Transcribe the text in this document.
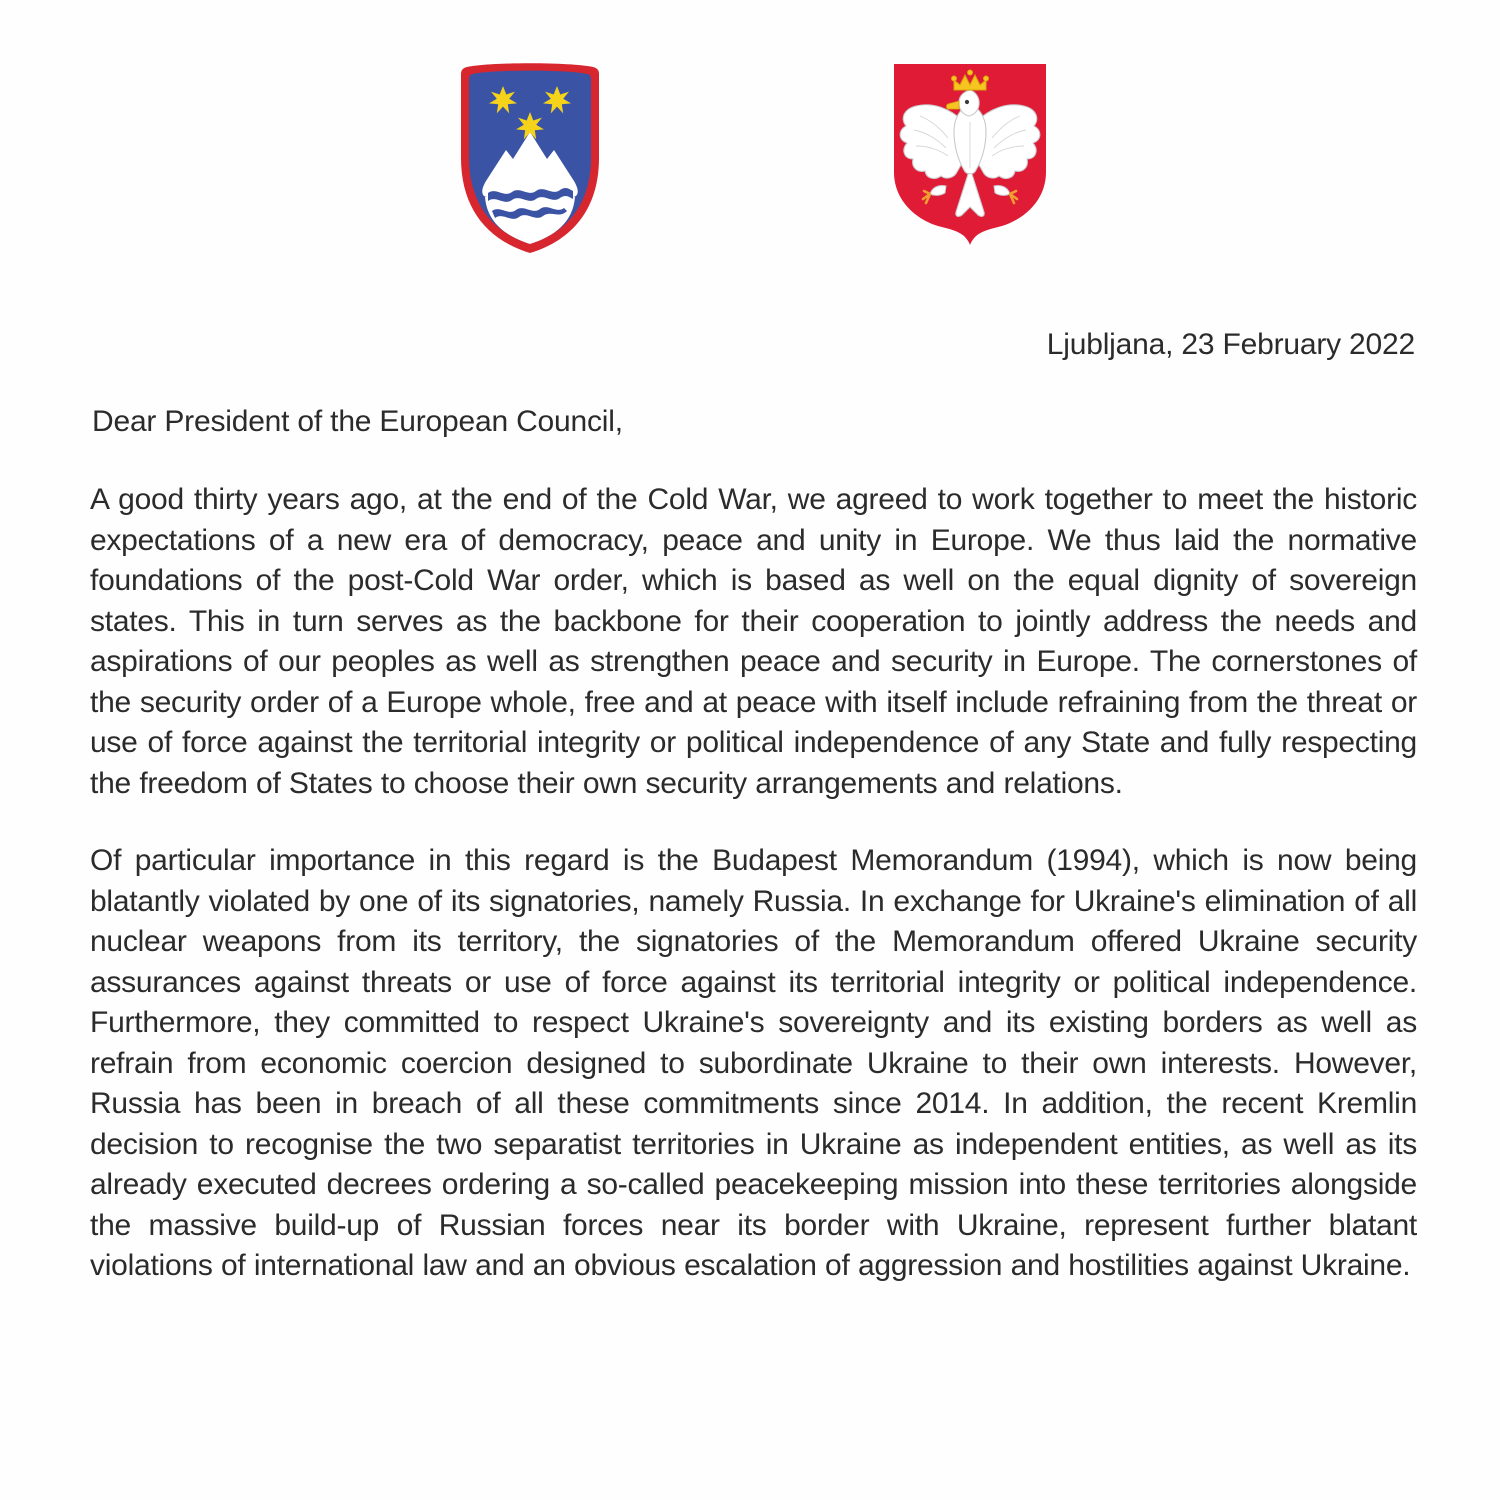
Ljubljana, 23 February 2022
Dear President of the European Council,

A good thirty years ago, at the end of the Cold War, we agreed to work together to meet the historic expectations of a new era of democracy, peace and unity in Europe. We thus laid the normative foundations of the post-Cold War order, which is based as well on the equal dignity of sovereign states. This in turn serves as the backbone for their cooperation to jointly address the needs and aspirations of our peoples as well as strengthen peace and security in Europe. The cornerstones of the security order of a Europe whole, free and at peace with itself include refraining from the threat or use of force against the territorial integrity or political independence of any State and fully respecting the freedom of States to choose their own security arrangements and relations.

Of particular importance in this regard is the Budapest Memorandum (1994), which is now being blatantly violated by one of its signatories, namely Russia. In exchange for Ukraine's elimination of all nuclear weapons from its territory, the signatories of the Memorandum offered Ukraine security assurances against threats or use of force against its territorial integrity or political independence. Furthermore, they committed to respect Ukraine's sovereignty and its existing borders as well as refrain from economic coercion designed to subordinate Ukraine to their own interests. However, Russia has been in breach of all these commitments since 2014. In addition, the recent Kremlin decision to recognise the two separatist territories in Ukraine as independent entities, as well as its already executed decrees ordering a so-called peacekeeping mission into these territories alongside the massive build-up of Russian forces near its border with Ukraine, represent further blatant violations of international law and an obvious escalation of aggression and hostilities against Ukraine.
